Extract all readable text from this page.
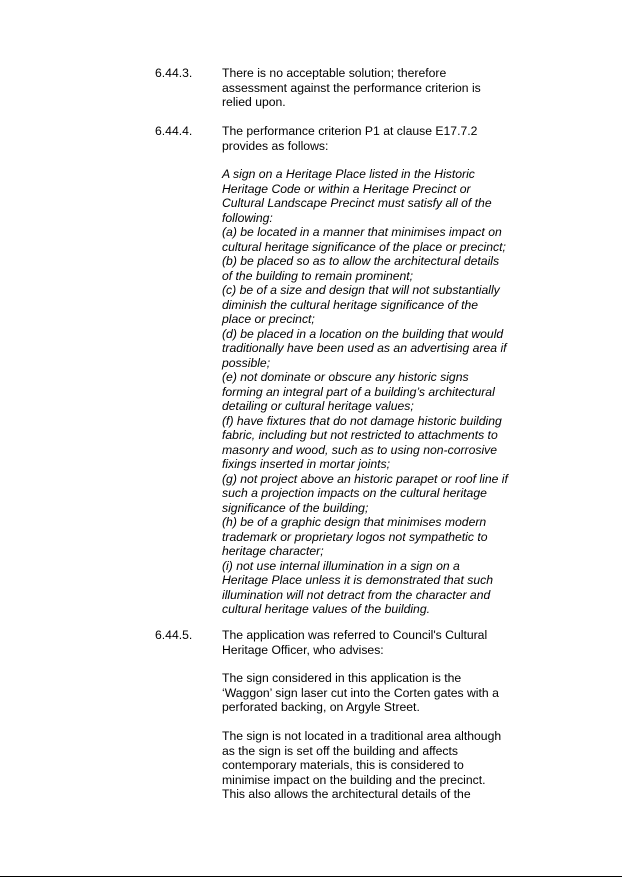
6.44.3. There is no acceptable solution; therefore

assessment against the performance criterion is

relied upon.

6.44.4. The performance criterion P1 at clause E17.7.2

provides as follows:

A sign on a Heritage Place listed in the Historic

Heritage Code or within a Heritage Precinct or

Cultural Landscape Precinct must satisfy all of the

following:

(a) be located in a manner that minimises impact on

cultural heritage significance of the place or precinct;

(b) be placed so as to allow the architectural details

of the building to remain prominent;

(c) be of a size and design that will not substantially

diminish the cultural heritage significance of the

place or precinct;

(d) be placed in a location on the building that would

traditionally have been used as an advertising area if

possible;

(e) not dominate or obscure any historic signs

forming an integral part of a building’s architectural

detailing or cultural heritage values;

(f) have fixtures that do not damage historic building

fabric, including but not restricted to attachments to

masonry and wood, such as to using non-corrosive

fixings inserted in mortar joints;

(g) not project above an historic parapet or roof line if

such a projection impacts on the cultural heritage

significance of the building;

(h) be of a graphic design that minimises modern

trademark or proprietary logos not sympathetic to

heritage character;

(i) not use internal illumination in a sign on a

Heritage Place unless it is demonstrated that such

illumination will not detract from the character and

cultural heritage values of the building.

6.44.5. The application was referred to Council's Cultural

Heritage Officer, who advises:

The sign considered in this application is the

‘Waggon’ sign laser cut into the Corten gates with a

perforated backing, on Argyle Street.

The sign is not located in a traditional area although

as the sign is set off the building and affects

contemporary materials, this is considered to

minimise impact on the building and the precinct.

This also allows the architectural details of the
